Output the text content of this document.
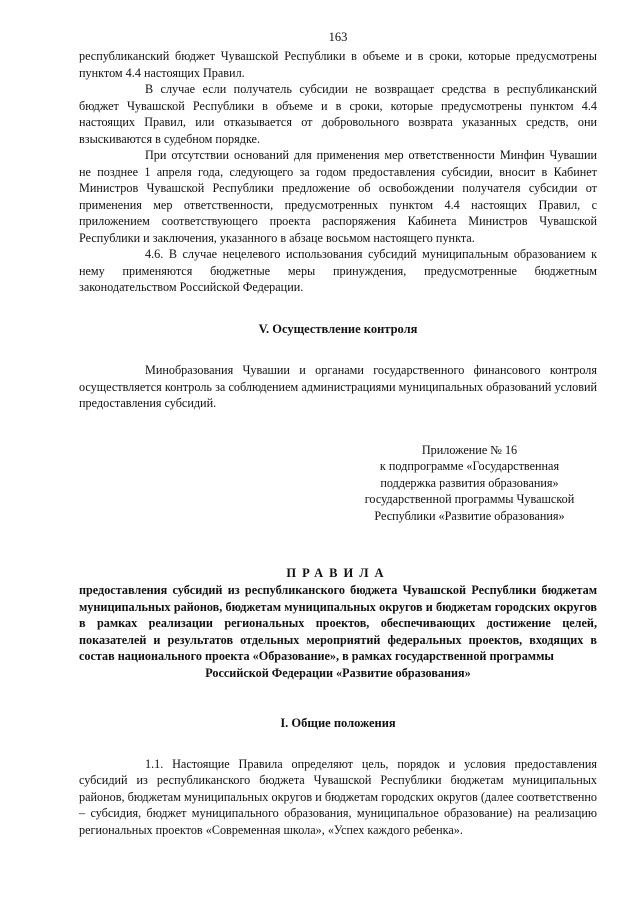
163

республиканский бюджет Чувашской Республики в объеме и в сроки, которые предусмотрены пунктом 4.4 настоящих Правил.

В случае если получатель субсидии не возвращает средства в республиканский бюджет Чувашской Республики в объеме и в сроки, которые предусмотрены пунктом 4.4 настоящих Правил, или отказывается от добровольного возврата указанных средств, они взыскиваются в судебном порядке.

При отсутствии оснований для применения мер ответственности Минфин Чувашии не позднее 1 апреля года, следующего за годом предоставления субсидии, вносит в Кабинет Министров Чувашской Республики предложение об освобождении получателя субсидии от применения мер ответственности, предусмотренных пунктом 4.4 настоящих Правил, с приложением соответствующего проекта распоряжения Кабинета Министров Чувашской Республики и заключения, указанного в абзаце восьмом настоящего пункта.

4.6. В случае нецелевого использования субсидий муниципальным образованием к нему применяются бюджетные меры принуждения, предусмотренные бюджетным законодательством Российской Федерации.

V. Осуществление контроля

Минобразования Чувашии и органами государственного финансового контроля осуществляется контроль за соблюдением администрациями муниципальных образований условий предоставления субсидий.

Приложение № 16
к подпрограмме «Государственная
поддержка развития образования»
государственной программы Чувашской
Республики «Развитие образования»
ПРАВИЛА

предоставления субсидий из республиканского бюджета Чувашской Республики бюджетам муниципальных районов, бюджетам муниципальных округов и бюджетам городских округов в рамках реализации региональных проектов, обеспечивающих достижение целей, показателей и результатов отдельных мероприятий федеральных проектов, входящих в состав национального проекта «Образование», в рамках государственной программы

Российской Федерации «Развитие образования»

I. Общие положения

1.1. Настоящие Правила определяют цель, порядок и условия предоставления субсидий из республиканского бюджета Чувашской Республики бюджетам муниципальных районов, бюджетам муниципальных округов и бюджетам городских округов (далее соответственно – субсидия, бюджет муниципального образования, муниципальное образование) на реализацию региональных проектов «Современная школа», «Успех каждого ребенка».
